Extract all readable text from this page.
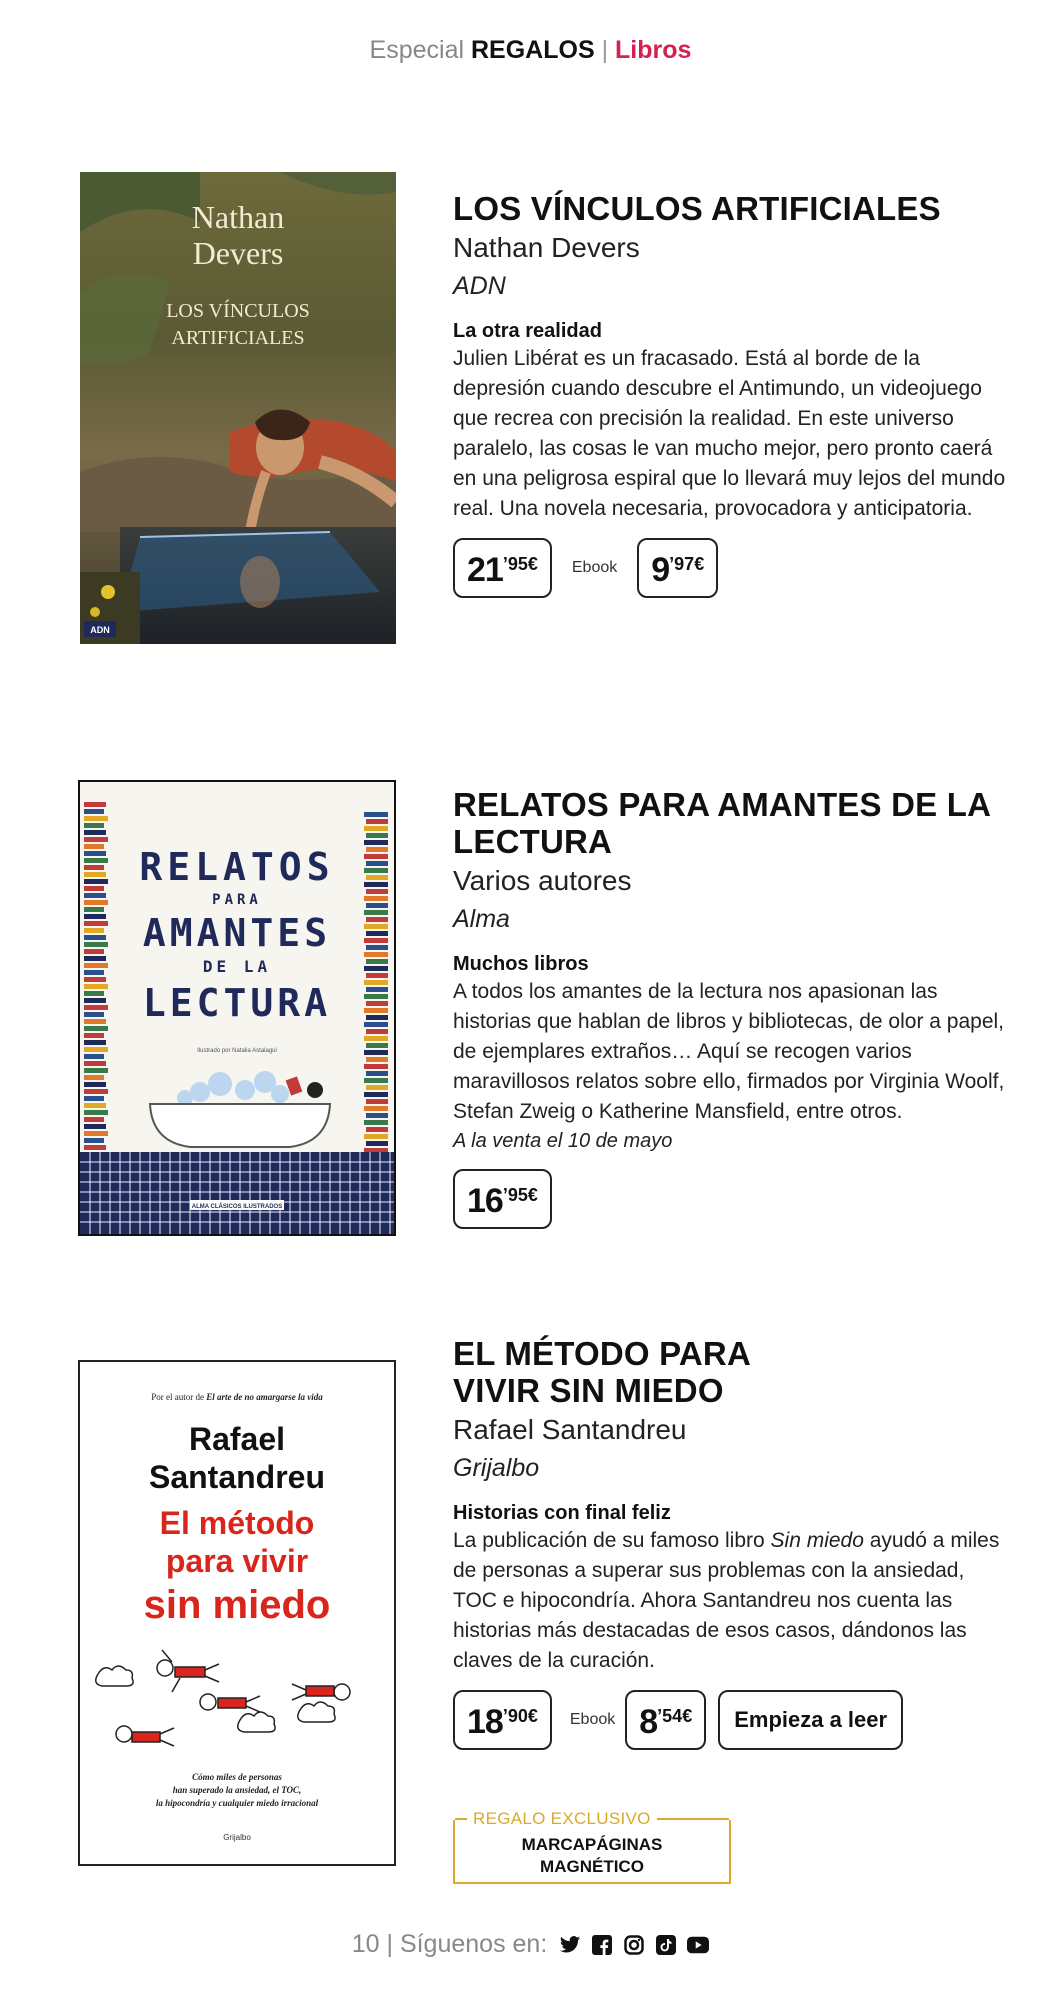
Especial REGALOS | Libros
ADN
Nathan
Devers
LOS VÍNCULOS
ARTIFICIALES
LOS VÍNCULOS ARTIFICIALES
Nathan Devers
ADN
La otra realidad
Julien Libérat es un fracasado. Está al borde de la depresión cuando descubre el Antimundo, un videojuego que recrea con precisión la realidad. En este universo paralelo, las cosas le van mucho mejor, pero pronto caerá en una peligrosa espiral que lo llevará muy lejos del mundo real. Una novela necesaria, provocadora y anticipatoria.
21 ’95€ Ebook 9 ’97€
RELATOS
PARA
AMANTES
DE LA
LECTURA
Ilustrado por Natalia Astalagui
ALMA CLÁSICOS ILUSTRADOS
RELATOS PARA AMANTES DE LA
LECTURA
Varios autores
Alma
Muchos libros
A todos los amantes de la lectura nos apasionan las historias que hablan de libros y bibliotecas, de olor a papel, de ejemplares extraños… Aquí se recogen varios maravillosos relatos sobre ello, firmados por Virginia Woolf, Stefan Zweig o Katherine Mansfield, entre otros.
A la venta el 10 de mayo
16 ’95€
Por el autor de El arte de no amargarse la vida
Rafael
Santandreu
El método
para vivir
sin miedo
Cómo miles de personas
han superado la ansiedad, el TOC,
la hipocondría y cualquier miedo irracional
Grijalbo
EL MÉTODO PARA
VIVIR SIN MIEDO
Rafael Santandreu
Grijalbo
Historias con final feliz
La publicación de su famoso libro Sin miedo ayudó a miles de personas a superar sus problemas con la ansiedad, TOC e hipocondría. Ahora Santandreu nos cuenta las historias más destacadas de esos casos, dándonos las claves de la curación.
18 ’90€ Ebook 8 ’54€	Empieza a leer
REGALO EXCLUSIVO
MARCAPÁGINAS
MAGNÉTICO
10
|
Síguenos en:
